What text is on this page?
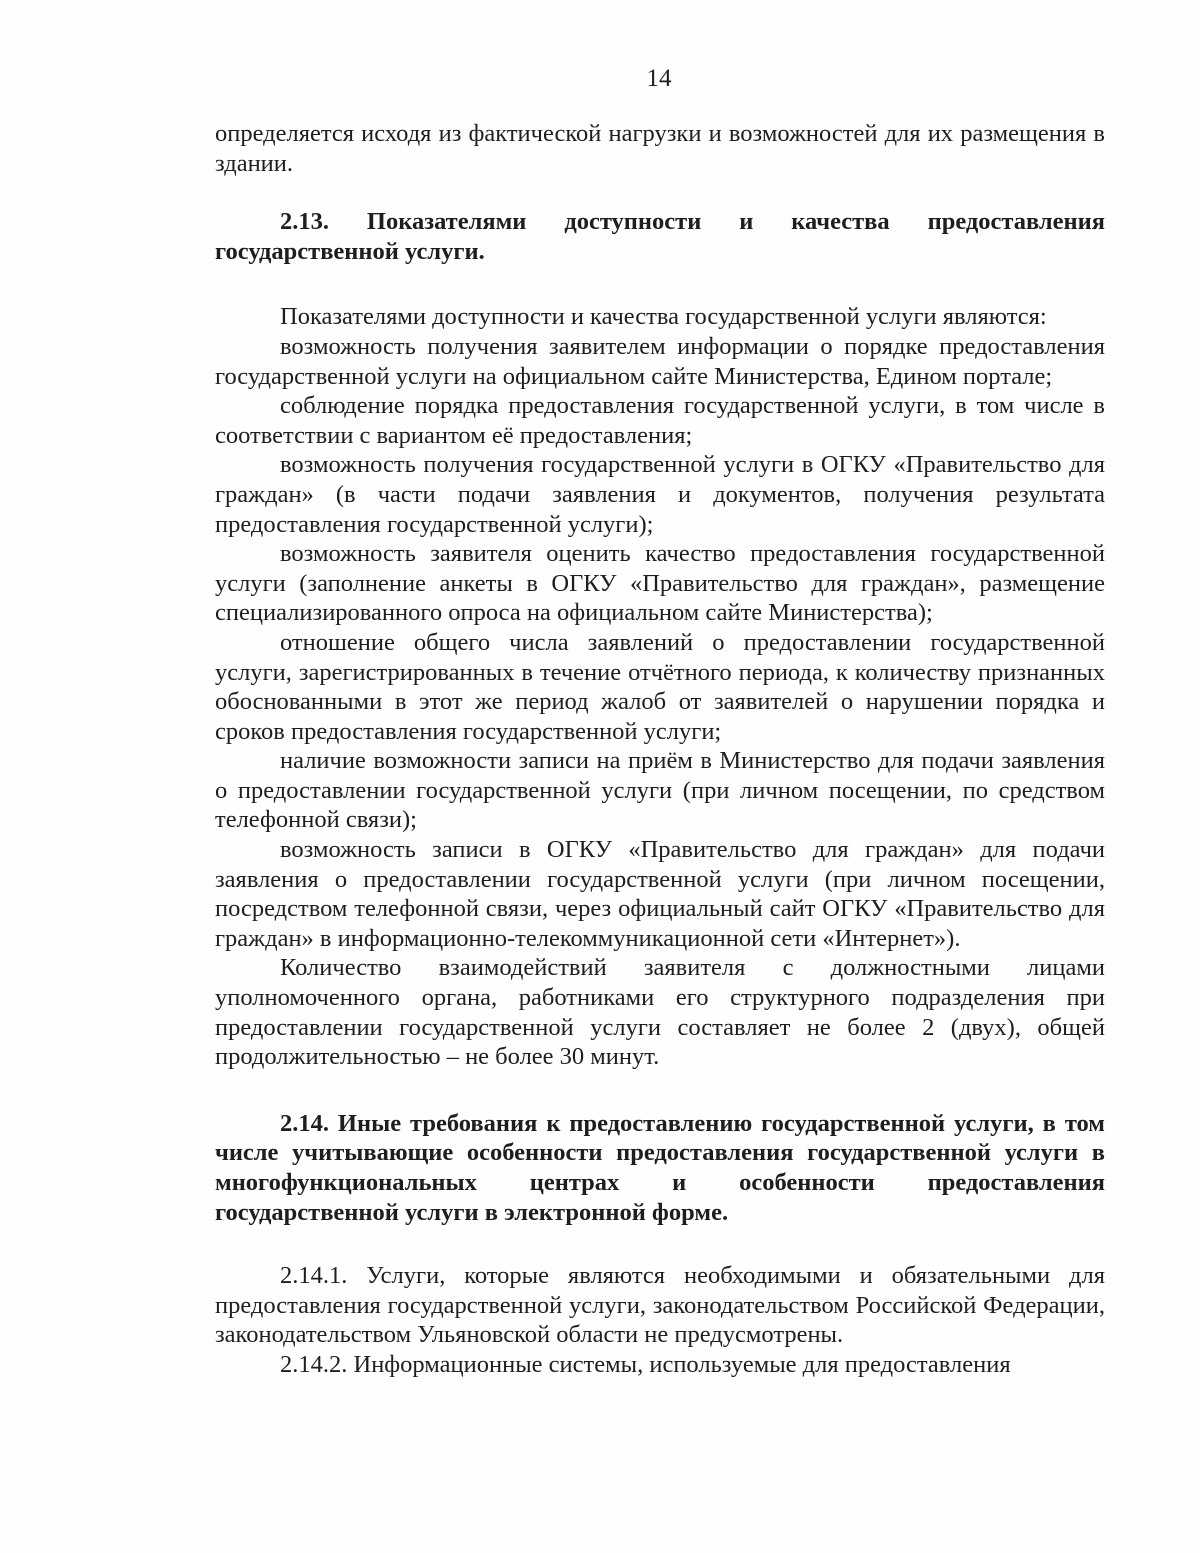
14

определяется исходя из фактической нагрузки и возможностей для их размещения в здании.

2.13. Показателями доступности и качества предоставления государственной услуги.

Показателями доступности и качества государственной услуги являются:

возможность получения заявителем информации о порядке предоставления государственной услуги на официальном сайте Министерства, Едином портале;

соблюдение порядка предоставления государственной услуги, в том числе в соответствии с вариантом её предоставления;

возможность получения государственной услуги в ОГКУ «Правительство для граждан» (в части подачи заявления и документов, получения результата предоставления государственной услуги);

возможность заявителя оценить качество предоставления государственной услуги (заполнение анкеты в ОГКУ «Правительство для граждан», размещение специализированного опроса на официальном сайте Министерства);

отношение общего числа заявлений о предоставлении государственной услуги, зарегистрированных в течение отчётного периода, к количеству признанных обоснованными в этот же период жалоб от заявителей о нарушении порядка и сроков предоставления государственной услуги;

наличие возможности записи на приём в Министерство для подачи заявления о предоставлении государственной услуги (при личном посещении, по средством телефонной связи);

возможность записи в ОГКУ «Правительство для граждан» для подачи заявления о предоставлении государственной услуги (при личном посещении, посредством телефонной связи, через официальный сайт ОГКУ «Правительство для граждан» в информационно-телекоммуникационной сети «Интернет»).

Количество взаимодействий заявителя с должностными лицами уполномоченного органа, работниками его структурного подразделения при предоставлении государственной услуги составляет не более 2 (двух), общей продолжительностью – не более 30 минут.

2.14. Иные требования к предоставлению государственной услуги, в том числе учитывающие особенности предоставления государственной услуги в многофункциональных центрах и особенности предоставления государственной услуги в электронной форме.

2.14.1. Услуги, которые являются необходимыми и обязательными для предоставления государственной услуги, законодательством Российской Федерации, законодательством Ульяновской области не предусмотрены.

2.14.2. Информационные системы, используемые для предоставления
